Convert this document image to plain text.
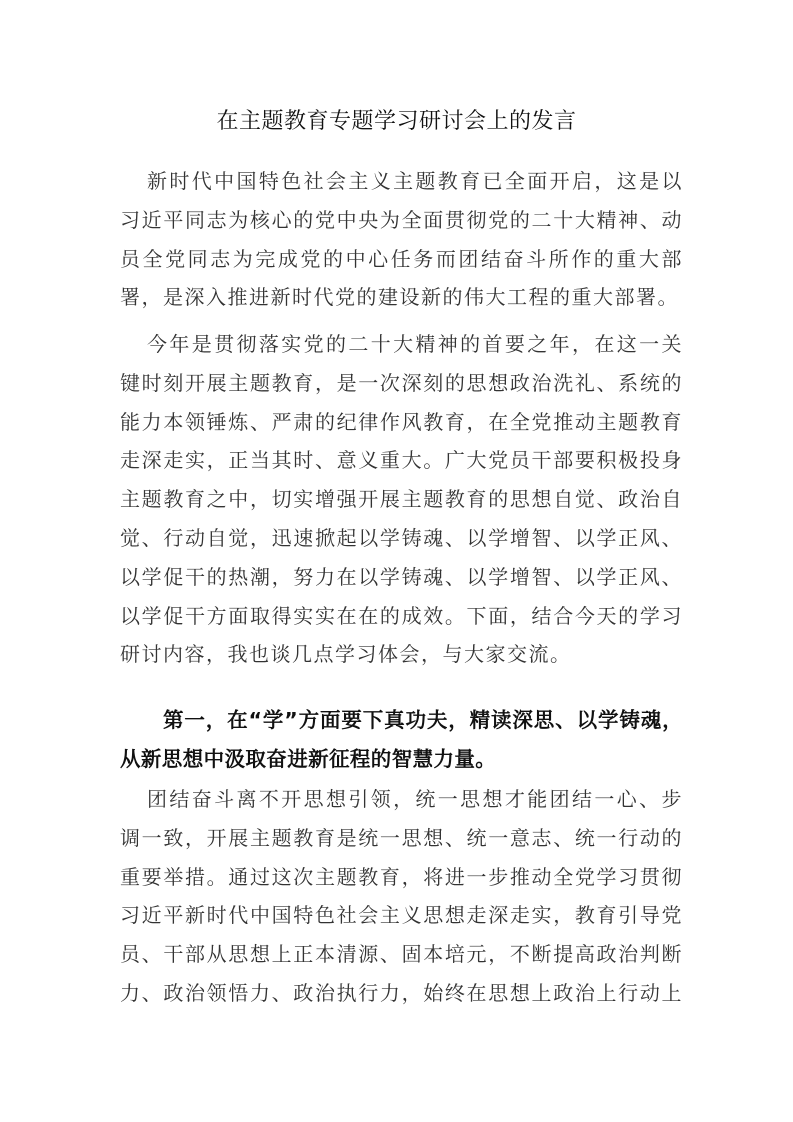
在主题教育专题学习研讨会上的发言
新时代中国特色社会主义主题教育已全面开启，这是以
习近平同志为核心的党中央为全面贯彻党的二十大精神、动
员全党同志为完成党的中心任务而团结奋斗所作的重大部
署，是深入推进新时代党的建设新的伟大工程的重大部署。
今年是贯彻落实党的二十大精神的首要之年，在这一关
键时刻开展主题教育，是一次深刻的思想政治洗礼、系统的
能力本领锤炼、严肃的纪律作风教育，在全党推动主题教育
走深走实，正当其时、意义重大。广大党员干部要积极投身
主题教育之中，切实增强开展主题教育的思想自觉、政治自
觉、行动自觉，迅速掀起以学铸魂、以学增智、以学正风、
以学促干的热潮，努力在以学铸魂、以学增智、以学正风、
以学促干方面取得实实在在的成效。下面，结合今天的学习
研讨内容，我也谈几点学习体会，与大家交流。
第一，在“学”方面要下真功夫，精读深思、以学铸魂，
从新思想中汲取奋进新征程的智慧力量。
团结奋斗离不开思想引领，统一思想才能团结一心、步
调一致，开展主题教育是统一思想、统一意志、统一行动的
重要举措。通过这次主题教育，将进一步推动全党学习贯彻
习近平新时代中国特色社会主义思想走深走实，教育引导党
员、干部从思想上正本清源、固本培元，不断提高政治判断
力、政治领悟力、政治执行力，始终在思想上政治上行动上
